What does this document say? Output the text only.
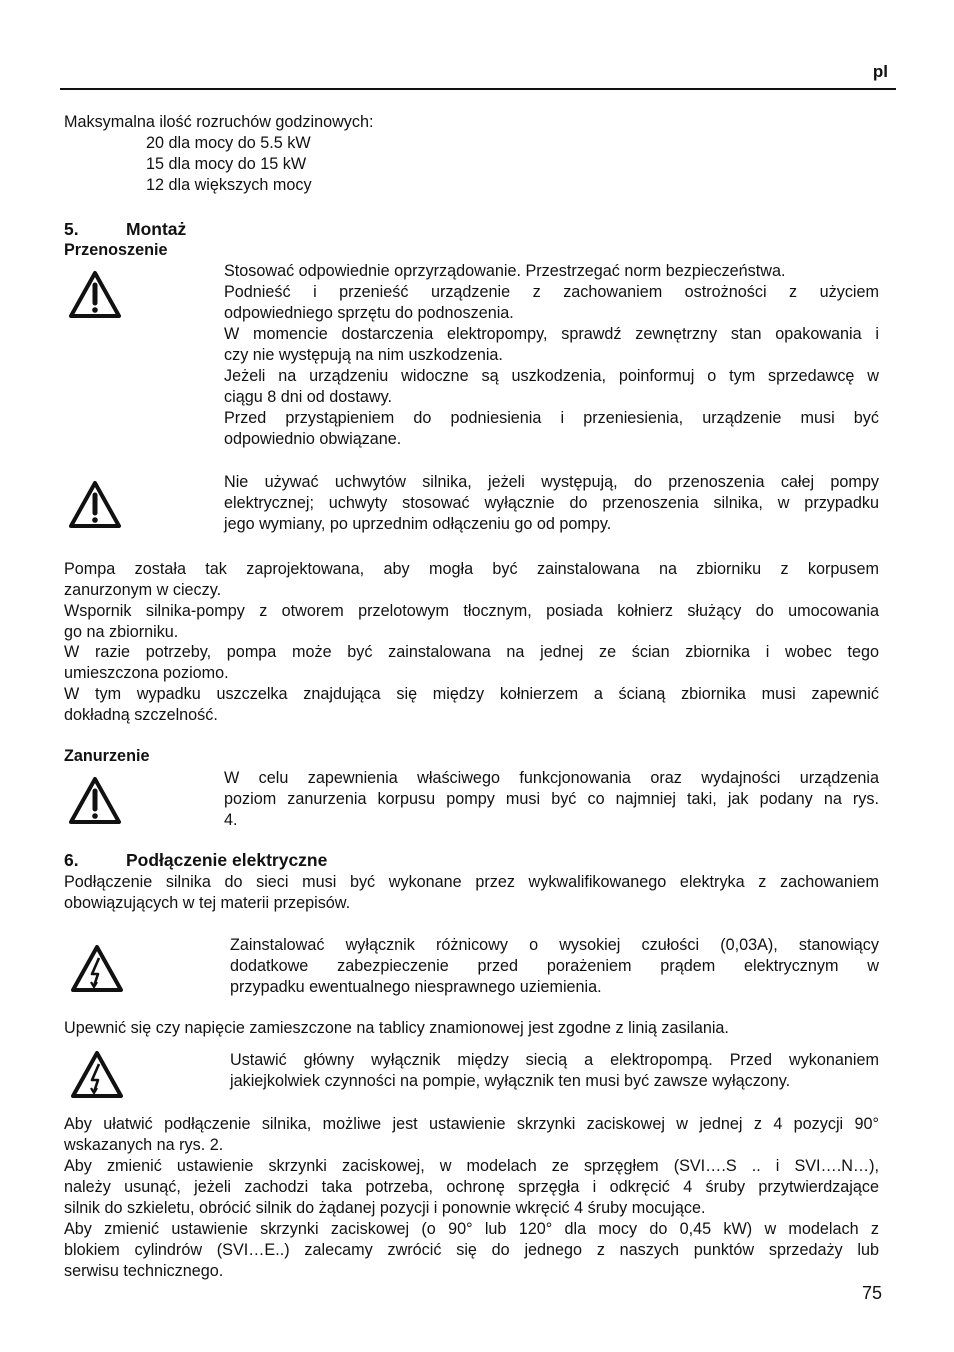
pl
Maksymalna ilość rozruchów godzinowych:
20 dla mocy do 5.5 kW
15 dla mocy do 15 kW
12 dla większych mocy
5.	Montaż
Przenoszenie
Stosować odpowiednie oprzyrządowanie. Przestrzegać norm bezpieczeństwa.
Podnieść i przenieść urządzenie z zachowaniem ostrożności z użyciem
odpowiedniego sprzętu do podnoszenia.
W momencie dostarczenia elektropompy, sprawdź zewnętrzny stan opakowania i
czy nie występują na nim uszkodzenia.
Jeżeli na urządzeniu widoczne są uszkodzenia, poinformuj o tym sprzedawcę w
ciągu 8 dni od dostawy.
Przed przystąpieniem do podniesienia i przeniesienia, urządzenie musi być
odpowiednio obwiązane.
Nie używać uchwytów silnika, jeżeli występują, do przenoszenia całej pompy
elektrycznej; uchwyty stosować wyłącznie do przenoszenia silnika, w przypadku
jego wymiany, po uprzednim odłączeniu go od pompy.
Pompa została tak zaprojektowana, aby mogła być zainstalowana na zbiorniku z korpusem
zanurzonym w cieczy.
Wspornik silnika-pompy z otworem przelotowym tłocznym, posiada kołnierz służący do umocowania
go na zbiorniku.
W razie potrzeby, pompa może być zainstalowana na jednej ze ścian zbiornika i wobec tego
umieszczona poziomo.
W tym wypadku uszczelka znajdująca się między kołnierzem a ścianą zbiornika musi zapewnić
dokładną szczelność.
Zanurzenie
W celu zapewnienia właściwego funkcjonowania oraz wydajności urządzenia
poziom zanurzenia korpusu pompy musi być co najmniej taki, jak podany na rys.
4.
6.	Podłączenie elektryczne
Podłączenie silnika do sieci musi być wykonane przez wykwalifikowanego elektryka z zachowaniem
obowiązujących w tej materii przepisów.
Zainstalować wyłącznik różnicowy o wysokiej czułości (0,03A), stanowiący
dodatkowe zabezpieczenie przed porażeniem prądem elektrycznym w
przypadku ewentualnego niesprawnego uziemienia.
Upewnić się czy napięcie zamieszczone na tablicy znamionowej jest zgodne z linią zasilania.
Ustawić główny wyłącznik między siecią a elektropompą. Przed wykonaniem
jakiejkolwiek czynności na pompie, wyłącznik ten musi być zawsze wyłączony.
Aby ułatwić podłączenie silnika, możliwe jest ustawienie skrzynki zaciskowej w jednej z 4 pozycji 90°
wskazanych na rys. 2.
Aby zmienić ustawienie skrzynki zaciskowej, w modelach ze sprzęgłem (SVI….S .. i SVI….N…),
należy usunąć, jeżeli zachodzi taka potrzeba, ochronę sprzęgła i odkręcić 4 śruby przytwierdzające
silnik do szkieletu, obrócić silnik do żądanej pozycji i ponownie wkręcić 4 śruby mocujące.
Aby zmienić ustawienie skrzynki zaciskowej (o 90° lub 120° dla mocy do 0,45 kW) w modelach z
blokiem cylindrów (SVI…E..) zalecamy zwrócić się do jednego z naszych punktów sprzedaży lub
serwisu technicznego.
75
